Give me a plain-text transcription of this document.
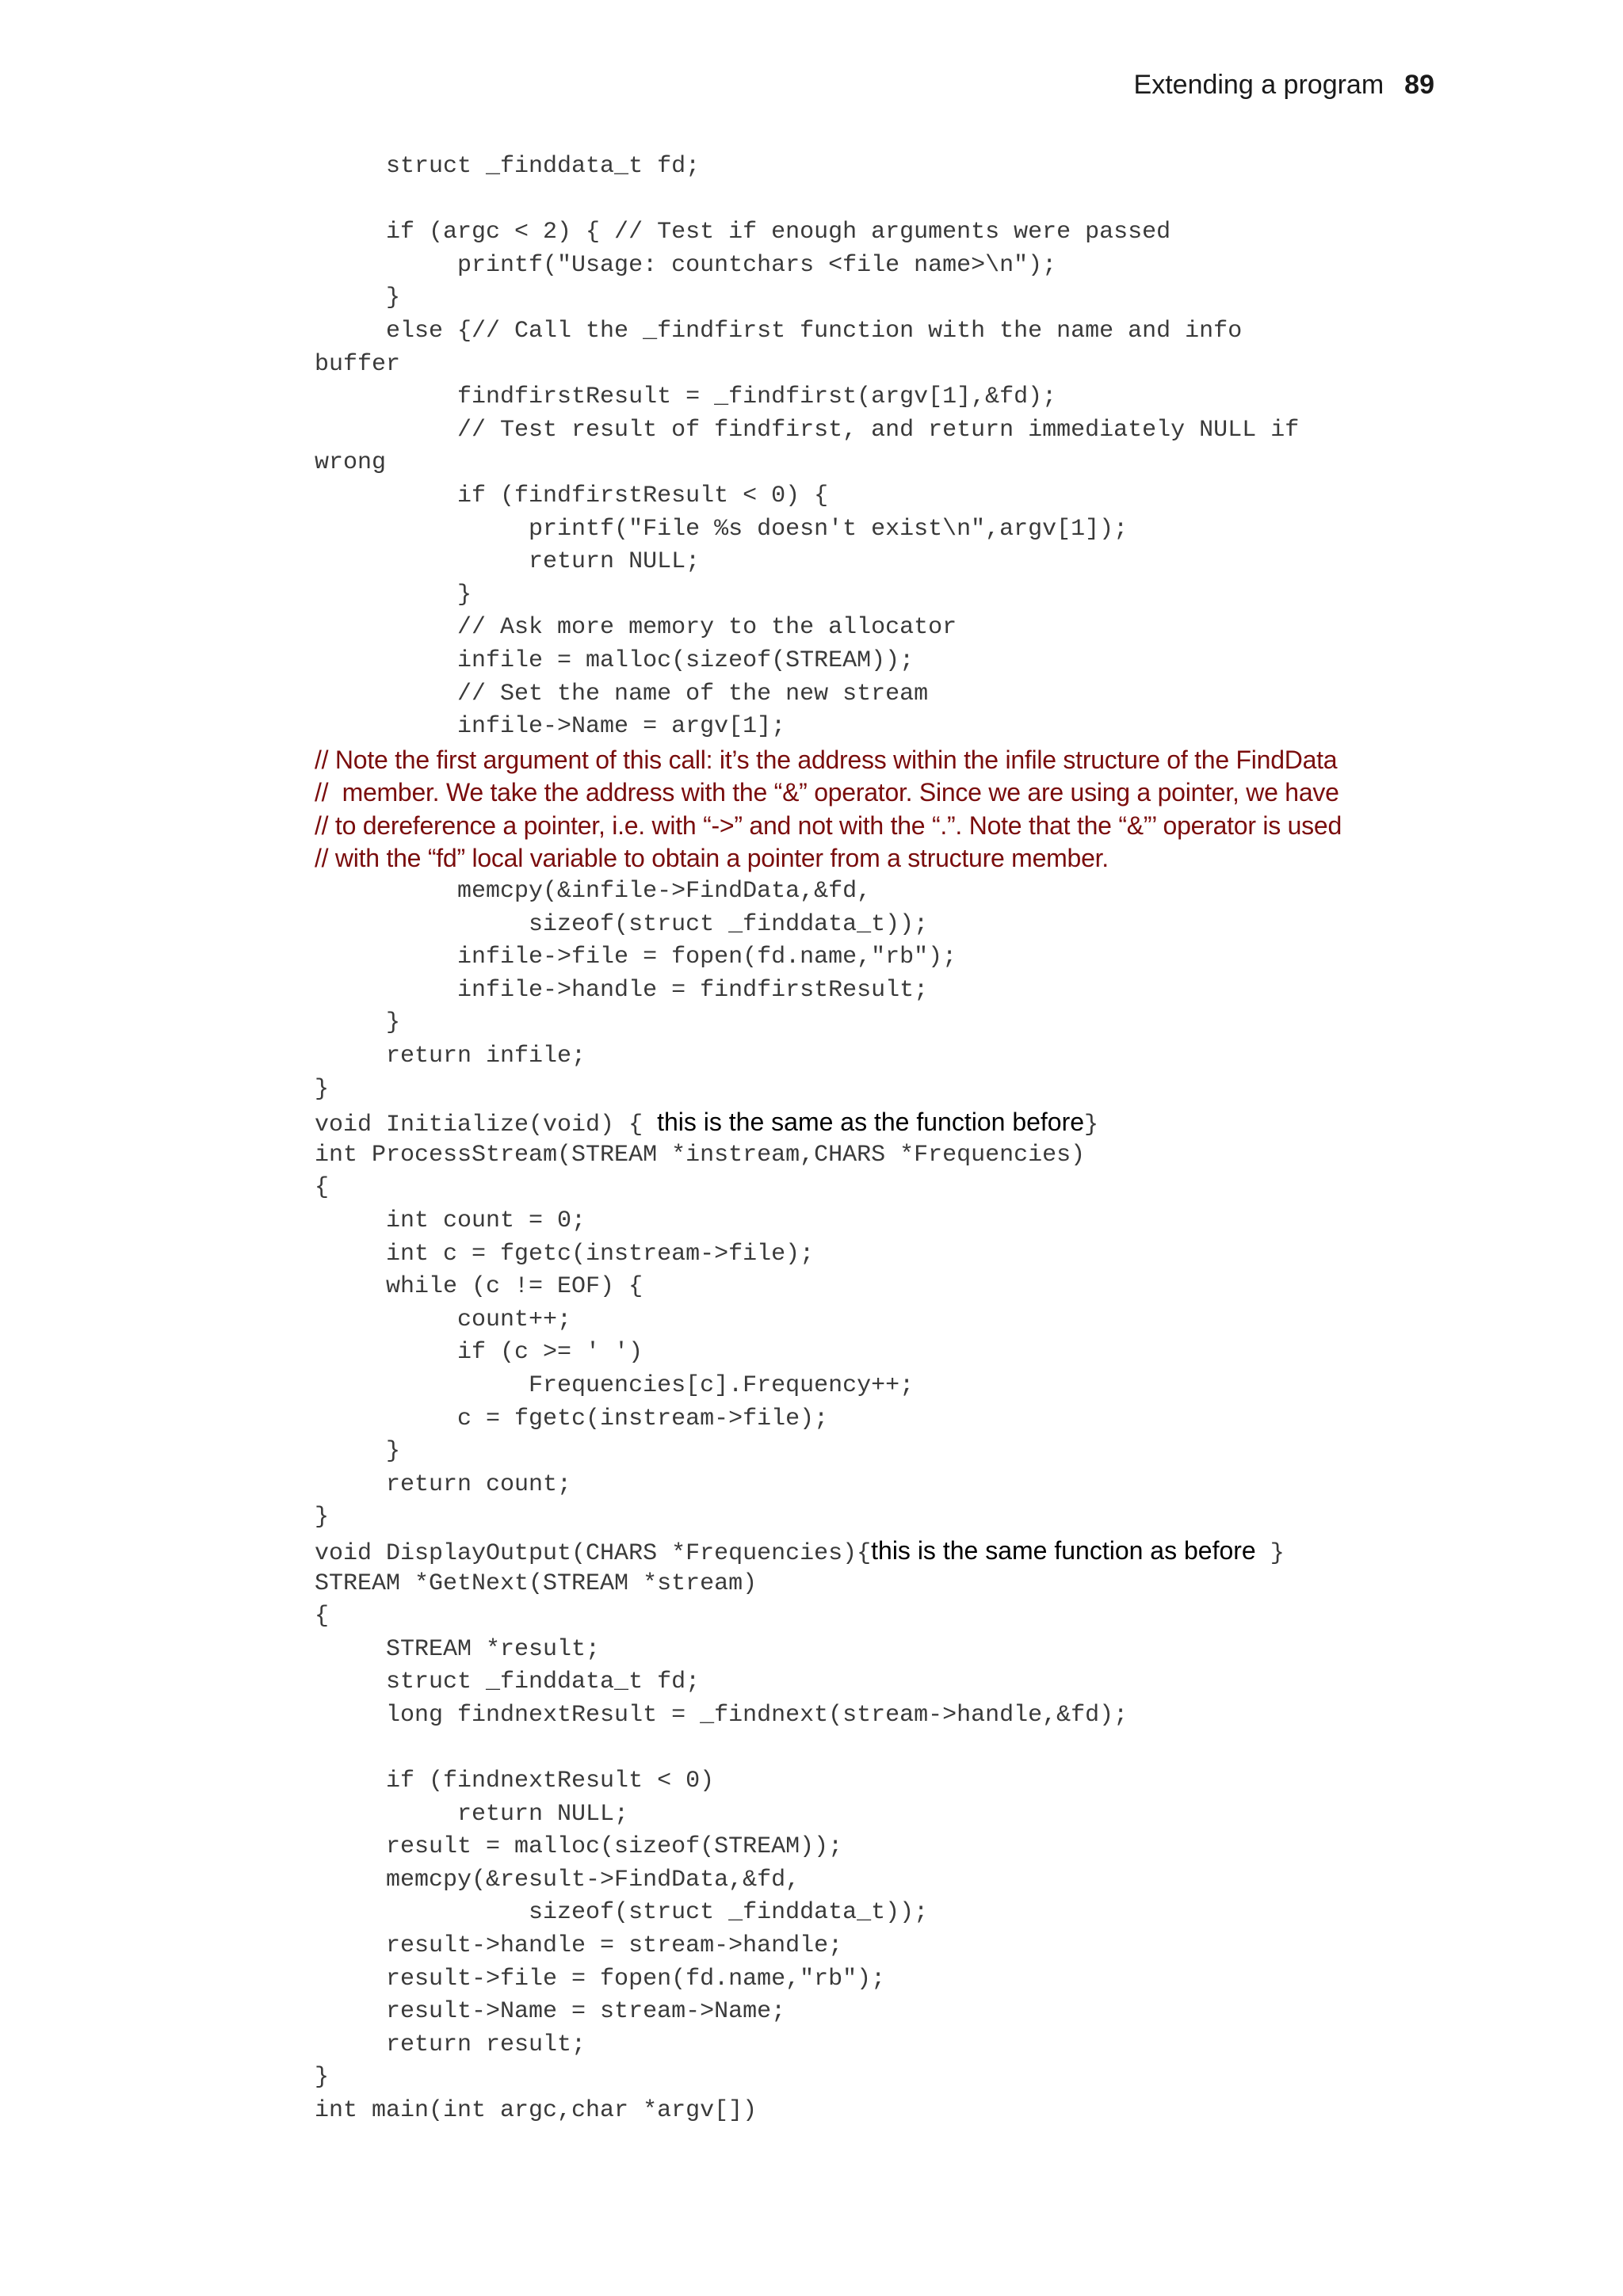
Extending a program 89
struct _finddata_t fd;
if (argc < 2) { // Test if enough arguments were passed
printf("Usage: countchars <file name>\n");
}
else {// Call the _findfirst function with the name and info
buffer
findfirstResult = _findfirst(argv[1],&fd);
// Test result of findfirst, and return immediately NULL if
wrong
if (findfirstResult < 0) {
printf("File %s doesn't exist\n",argv[1]);
return NULL;
}
// Ask more memory to the allocator
infile = malloc(sizeof(STREAM));
// Set the name of the new stream
infile->Name = argv[1];
// Note the first argument of this call: it’s the address within the infile structure of the FindData
//  member. We take the address with the “&” operator. Since we are using a pointer, we have
// to dereference a pointer, i.e. with “->” and not with the “.”. Note that the “&”’ operator is used
// with the “fd” local variable to obtain a pointer from a structure member.
memcpy(&infile->FindData,&fd,
sizeof(struct _finddata_t));
infile->file = fopen(fd.name,"rb");
infile->handle = findfirstResult;
}
return infile;
}
void Initialize(void) { this is the same as the function before}
int ProcessStream(STREAM *instream,CHARS *Frequencies)
{
int count = 0;
int c = fgetc(instream->file);
while (c != EOF) {
count++;
if (c >= ' ')
Frequencies[c].Frequency++;
c = fgetc(instream->file);
}
return count;
}
void DisplayOutput(CHARS *Frequencies){this is the same function as before }
STREAM *GetNext(STREAM *stream)
{
STREAM *result;
struct _finddata_t fd;
long findnextResult = _findnext(stream->handle,&fd);
if (findnextResult < 0)
return NULL;
result = malloc(sizeof(STREAM));
memcpy(&result->FindData,&fd,
sizeof(struct _finddata_t));
result->handle = stream->handle;
result->file = fopen(fd.name,"rb");
result->Name = stream->Name;
return result;
}
int main(int argc,char *argv[])
